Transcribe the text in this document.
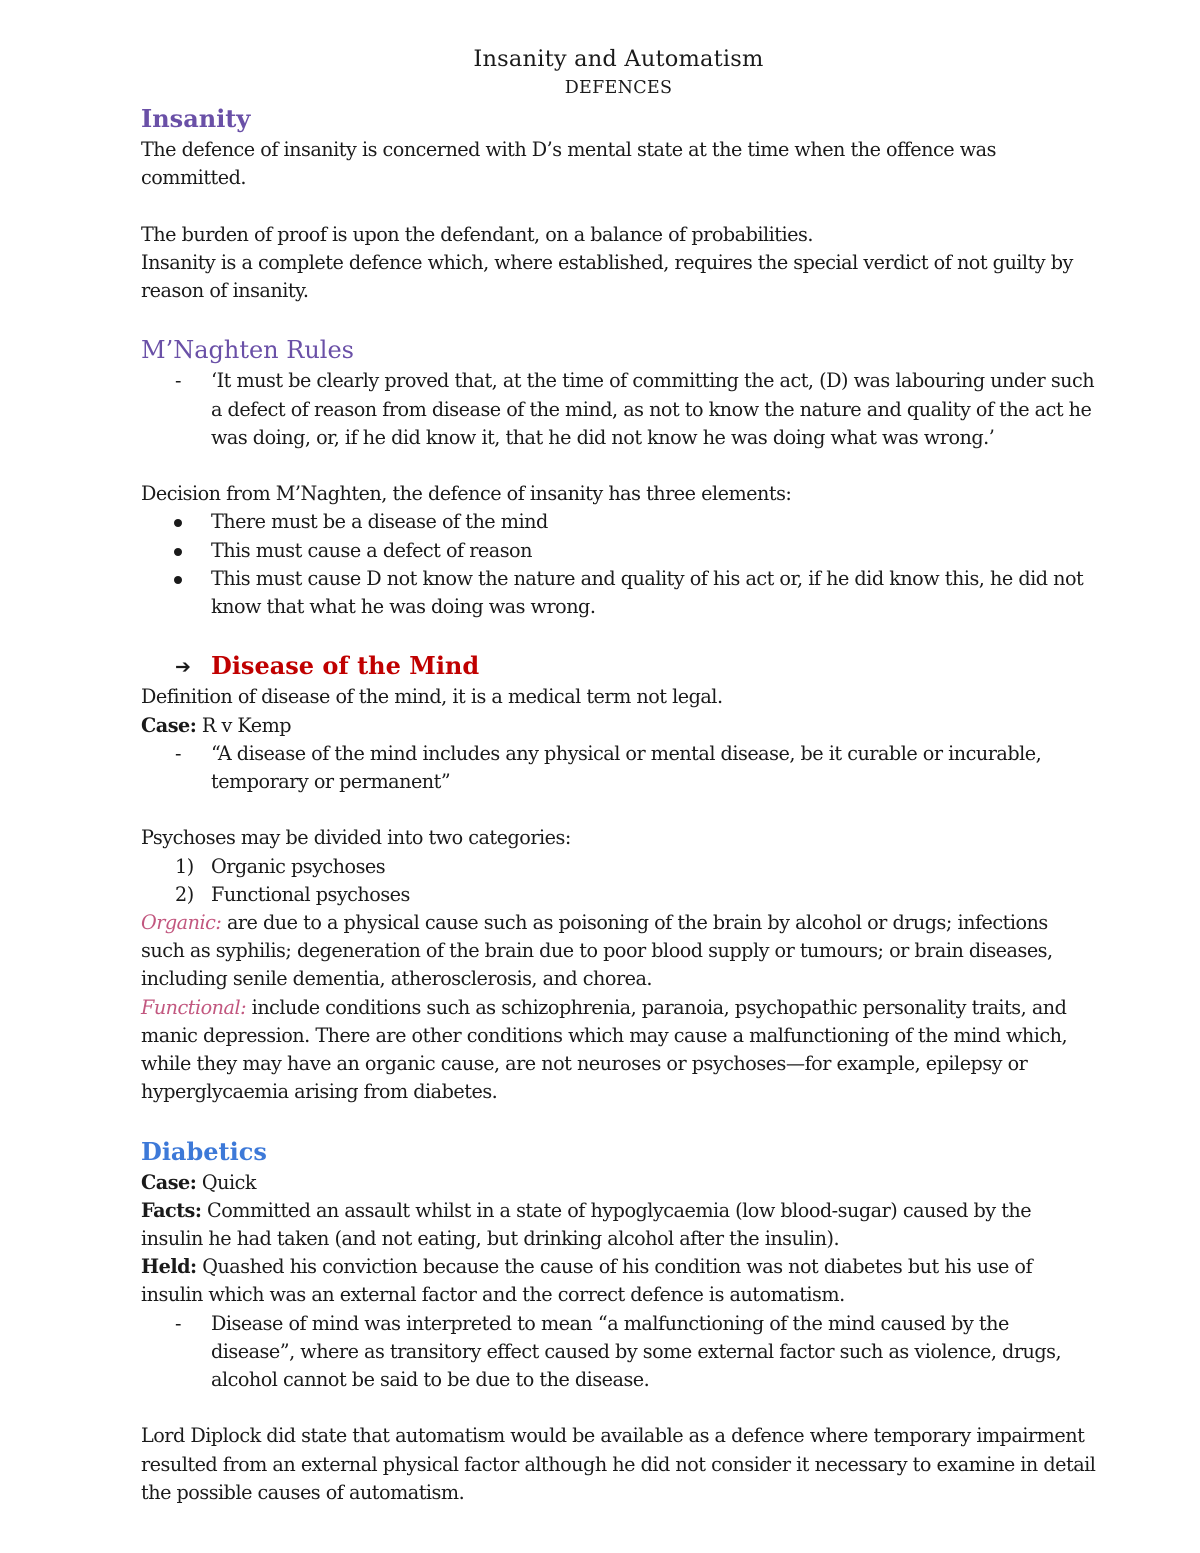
Insanity and Automatism

DEFENCES

Insanity

The defence of insanity is concerned with D’s mental state at the time when the offence was committed.

The burden of proof is upon the defendant, on a balance of probabilities.

Insanity is a complete defence which, where established, requires the special verdict of not guilty by reason of insanity.

M’Naghten Rules
- ‘It must be clearly proved that, at the time of committing the act, (D) was labouring under such a defect of reason from disease of the mind, as not to know the nature and quality of the act he was doing, or, if he did know it, that he did not know he was doing what was wrong.’

Decision from M’Naghten, the defence of insanity has three elements:

There must be a disease of the mind
This must cause a defect of reason
This must cause D not know the nature and quality of his act or, if he did know this, he did not know that what he was doing was wrong.
➔ Disease of the Mind

Definition of disease of the mind, it is a medical term not legal.

Case: R v Kemp

- “A disease of the mind includes any physical or mental disease, be it curable or incurable, temporary or permanent”

Psychoses may be divided into two categories:

1) Organic psychoses
2) Functional psychoses

Organic: are due to a physical cause such as poisoning of the brain by alcohol or drugs; infections such as syphilis; degeneration of the brain due to poor blood supply or tumours; or brain diseases, including senile dementia, atherosclerosis, and chorea.

Functional: include conditions such as schizophrenia, paranoia, psychopathic personality traits, and manic depression. There are other conditions which may cause a malfunctioning of the mind which, while they may have an organic cause, are not neuroses or psychoses—for example, epilepsy or hyperglycaemia arising from diabetes.

Diabetics

Case: Quick

Facts: Committed an assault whilst in a state of hypoglycaemia (low blood-sugar) caused by the insulin he had taken (and not eating, but drinking alcohol after the insulin).

Held: Quashed his conviction because the cause of his condition was not diabetes but his use of insulin which was an external factor and the correct defence is automatism.

- Disease of mind was interpreted to mean “a malfunctioning of the mind caused by the disease”, where as transitory effect caused by some external factor such as violence, drugs, alcohol cannot be said to be due to the disease.

Lord Diplock did state that automatism would be available as a defence where temporary impairment resulted from an external physical factor although he did not consider it necessary to examine in detail the possible causes of automatism.
